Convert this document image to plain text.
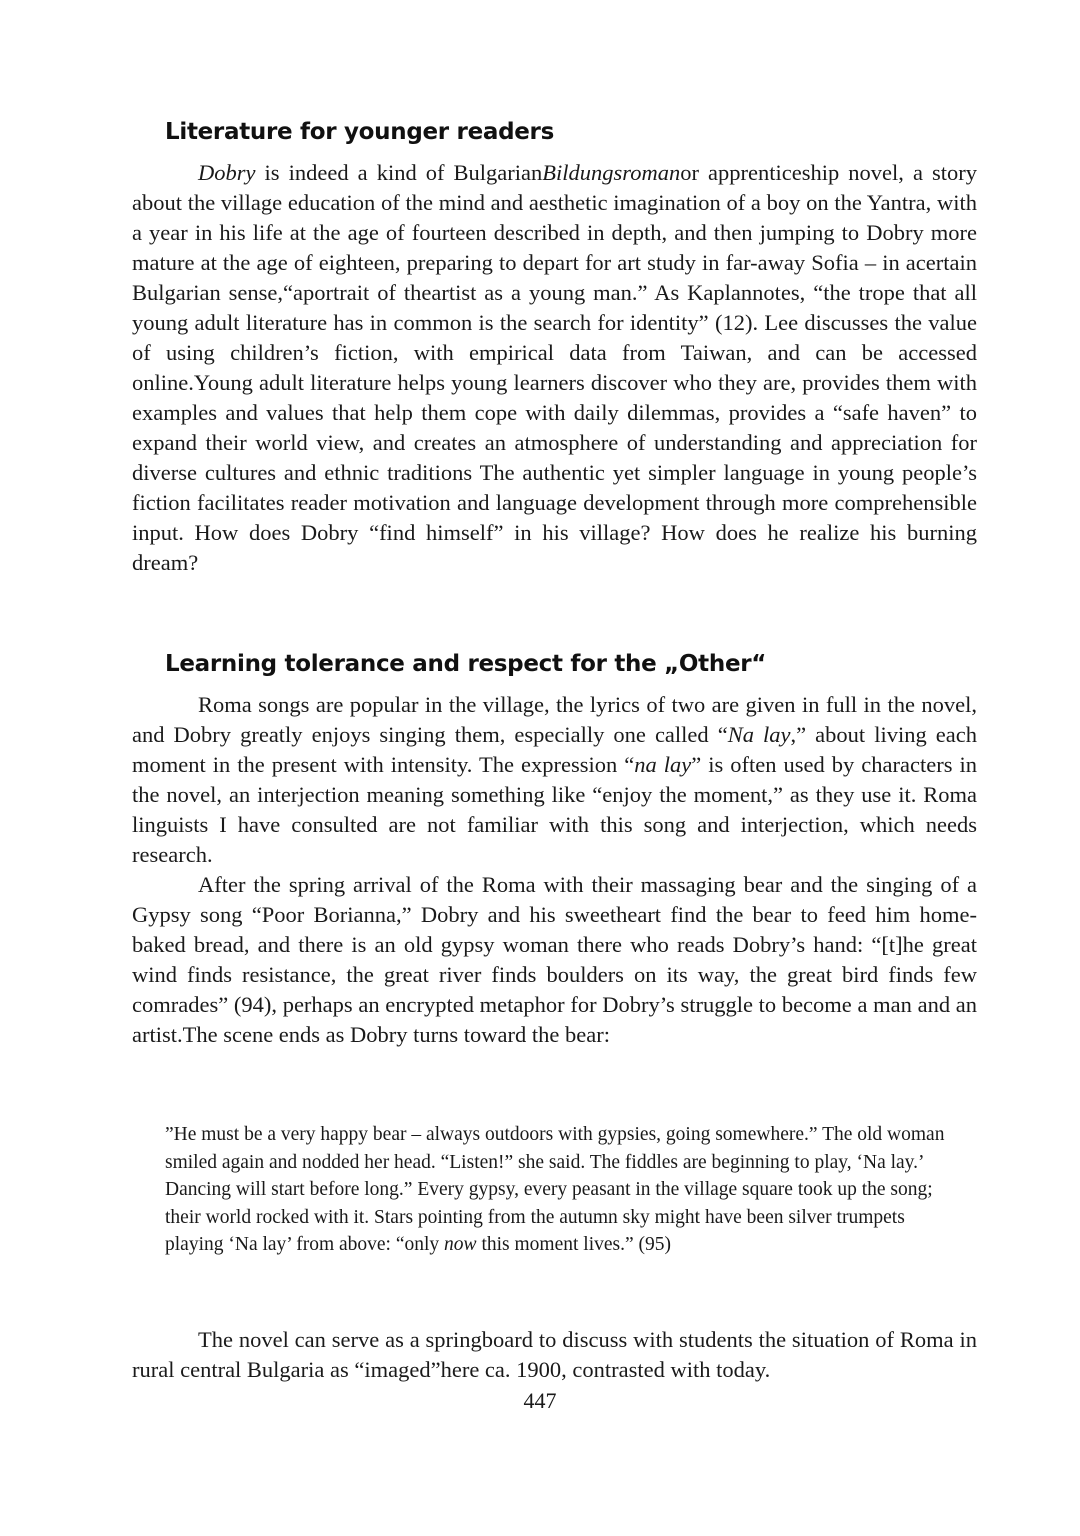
Literature for younger readers

Dobry is indeed a kind of BulgarianBildungsromanor apprenticeship novel, a story about the village education of the mind and aesthetic imagination of a boy on the Yantra, with a year in his life at the age of fourteen described in depth, and then jumping to Dobry more mature at the age of eighteen, preparing to depart for art study in far-away Sofia – in acertain Bulgarian sense,“aportrait of theartist as a young man.” As Kaplannotes, “the trope that all young adult literature has in common is the search for identity” (12). Lee discusses the value of using children’s fiction, with empirical data from Taiwan, and can be accessed online.Young adult literature helps young learners discover who they are, provides them with examples and values that help them cope with daily dilemmas, provides a “safe haven” to expand their world view, and creates an atmosphere of understanding and appreciation for diverse cultures and ethnic traditions The authentic yet simpler language in young people’s fiction facilitates reader motivation and language development through more comprehensible input. How does Dobry “find himself” in his village? How does he realize his burning dream?

Learning tolerance and respect for the „Other“

Roma songs are popular in the village, the lyrics of two are given in full in the novel, and Dobry greatly enjoys singing them, especially one called “Na lay,” about living each moment in the present with intensity. The expression “na lay” is often used by characters in the novel, an interjection meaning something like “enjoy the moment,” as they use it. Roma linguists I have consulted are not familiar with this song and interjection, which needs research.

After the spring arrival of the Roma with their massaging bear and the singing of a Gypsy song “Poor Borianna,” Dobry and his sweetheart find the bear to feed him home-baked bread, and there is an old gypsy woman there who reads Dobry’s hand: “[t]he great wind finds resistance, the great river finds boulders on its way, the great bird finds few comrades” (94), perhaps an encrypted metaphor for Dobry’s struggle to become a man and an artist.The scene ends as Dobry turns toward the bear:

”He must be a very happy bear – always outdoors with gypsies, going somewhere.” The old woman smiled again and nodded her head. “Listen!” she said. The fiddles are beginning to play, ‘Na lay.’ Dancing will start before long.” Every gypsy, every peasant in the village square took up the song; their world rocked with it. Stars pointing from the autumn sky might have been silver trumpets playing ‘Na lay’ from above: “only now this moment lives.” (95)

The novel can serve as a springboard to discuss with students the situation of Roma in rural central Bulgaria as “imaged”here ca. 1900, contrasted with today.

447
